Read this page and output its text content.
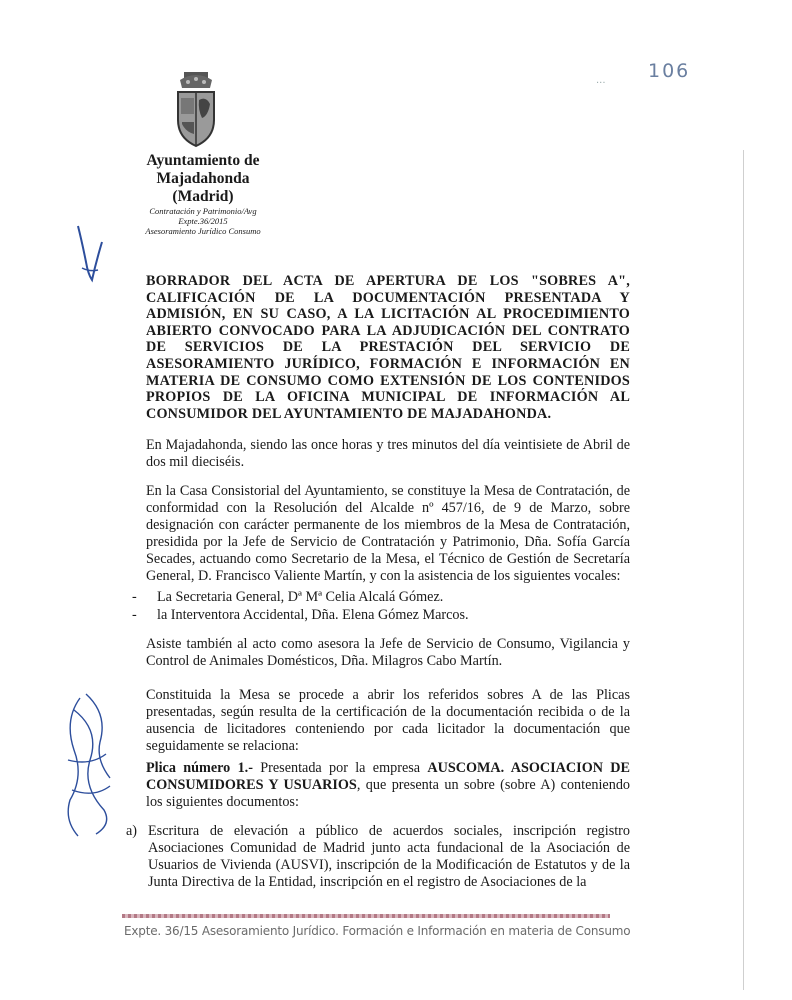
... 106
Ayuntamiento de
Majadahonda
(Madrid)
Contratación y Patrimonio/Avg
Expte.36/2015
Asesoramiento Jurídico Consumo
BORRADOR DEL ACTA DE APERTURA DE LOS "SOBRES A", CALIFICACIÓN DE LA DOCUMENTACIÓN PRESENTADA Y ADMISIÓN, EN SU CASO, A LA LICITACIÓN AL PROCEDIMIENTO ABIERTO CONVOCADO PARA LA ADJUDICACIÓN DEL CONTRATO DE SERVICIOS DE LA PRESTACIÓN DEL SERVICIO DE ASESORAMIENTO JURÍDICO, FORMACIÓN E INFORMACIÓN EN MATERIA DE CONSUMO COMO EXTENSIÓN DE LOS CONTENIDOS PROPIOS DE LA OFICINA MUNICIPAL DE INFORMACIÓN AL CONSUMIDOR DEL AYUNTAMIENTO DE MAJADAHONDA.
En Majadahonda, siendo las once horas y tres minutos del día veintisiete de Abril de dos mil dieciséis.
En la Casa Consistorial del Ayuntamiento, se constituye la Mesa de Contratación, de conformidad con la Resolución del Alcalde nº 457/16, de 9 de Marzo, sobre designación con carácter permanente de los miembros de la Mesa de Contratación, presidida por la Jefe de Servicio de Contratación y Patrimonio, Dña. Sofía García Secades, actuando como Secretario de la Mesa, el Técnico de Gestión de Secretaría General, D. Francisco Valiente Martín, y con la asistencia de los siguientes vocales:
-	La Secretaria General, Dª Mª Celia Alcalá Gómez.
-	la Interventora Accidental, Dña. Elena Gómez Marcos.
Asiste también al acto como asesora la Jefe de Servicio de Consumo, Vigilancia y Control de Animales Domésticos, Dña. Milagros Cabo Martín.
Constituida la Mesa se procede a abrir los referidos sobres A de las Plicas presentadas, según resulta de la certificación de la documentación recibida o de la ausencia de licitadores conteniendo por cada licitador la documentación que seguidamente se relaciona:
Plica número 1.- Presentada por la empresa AUSCOMA. ASOCIACION DE CONSUMIDORES Y USUARIOS, que presenta un sobre (sobre A) conteniendo los siguientes documentos:
a) Escritura de elevación a público de acuerdos sociales, inscripción registro Asociaciones Comunidad de Madrid junto acta fundacional de la Asociación de Usuarios de Vivienda (AUSVI), inscripción de la Modificación de Estatutos y de la Junta Directiva de la Entidad, inscripción en el registro de Asociaciones de la
Expte. 36/15 Asesoramiento Jurídico. Formación e Información en materia de Consumo
